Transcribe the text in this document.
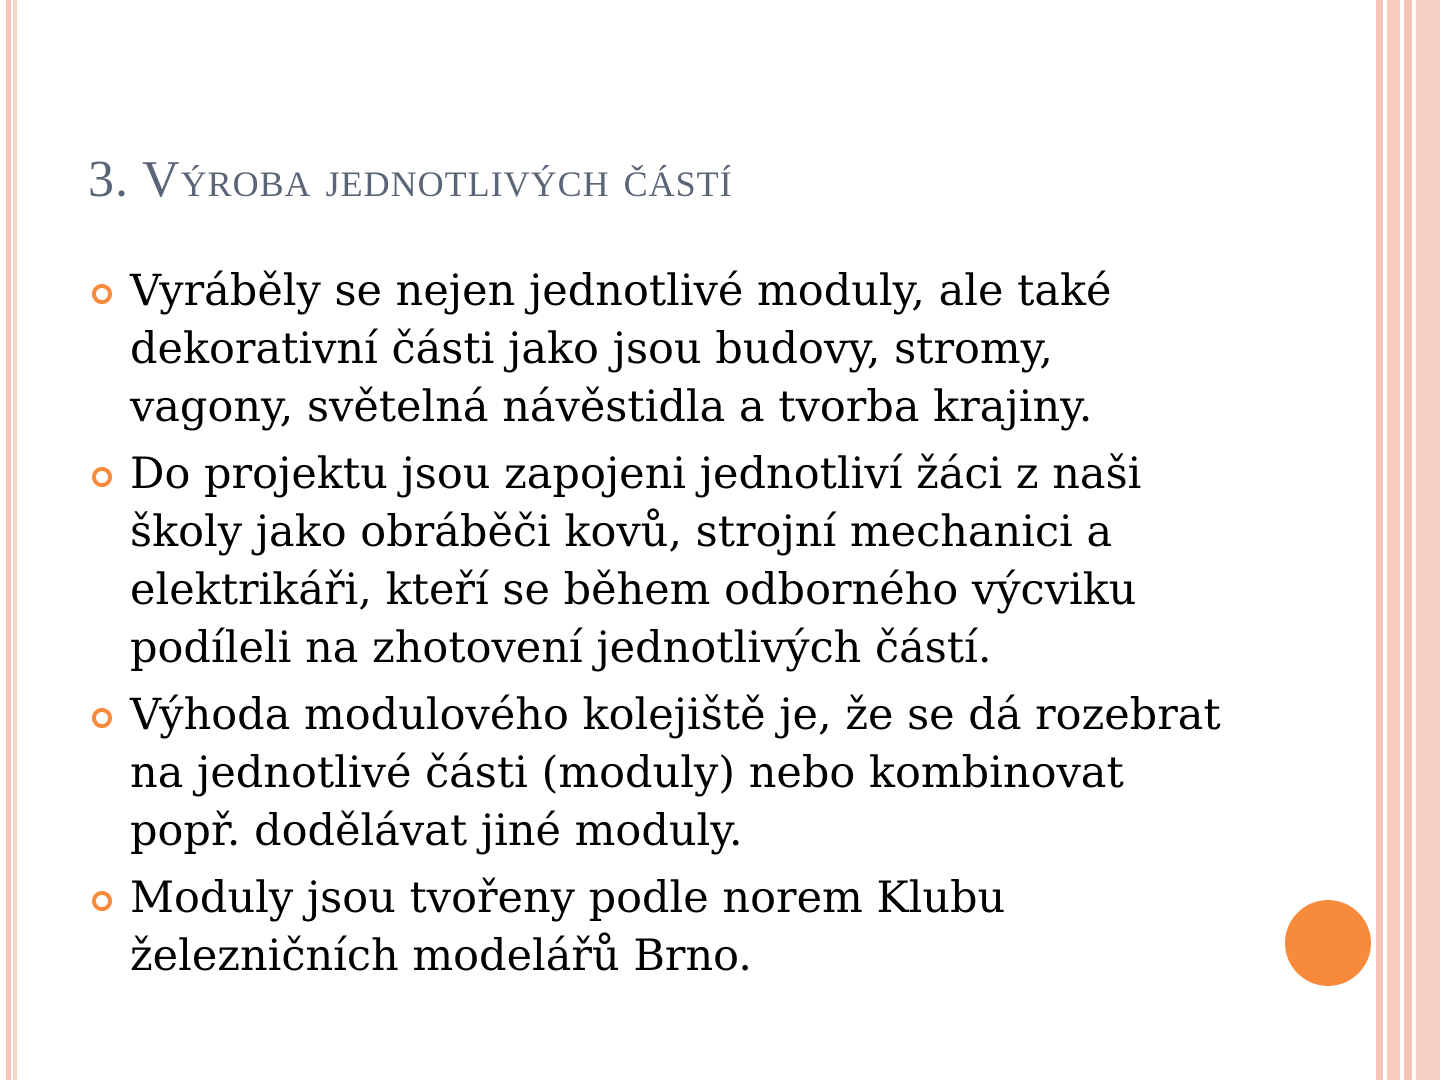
3. Výroba jednotlivých částí
Vyráběly se nejen jednotlivé moduly, ale také
dekorativní části jako jsou budovy, stromy,
vagony, světelná návěstidla a tvorba krajiny.
Do projektu jsou zapojeni jednotliví žáci z naši
školy jako obráběči kovů, strojní mechanici a
elektrikáři, kteří se během odborného výcviku
podíleli na zhotovení jednotlivých částí.
Výhoda modulového kolejiště je, že se dá rozebrat
na jednotlivé části (moduly) nebo kombinovat
popř. dodělávat jiné moduly.
Moduly jsou tvořeny podle norem Klubu
železničních modelářů Brno.
